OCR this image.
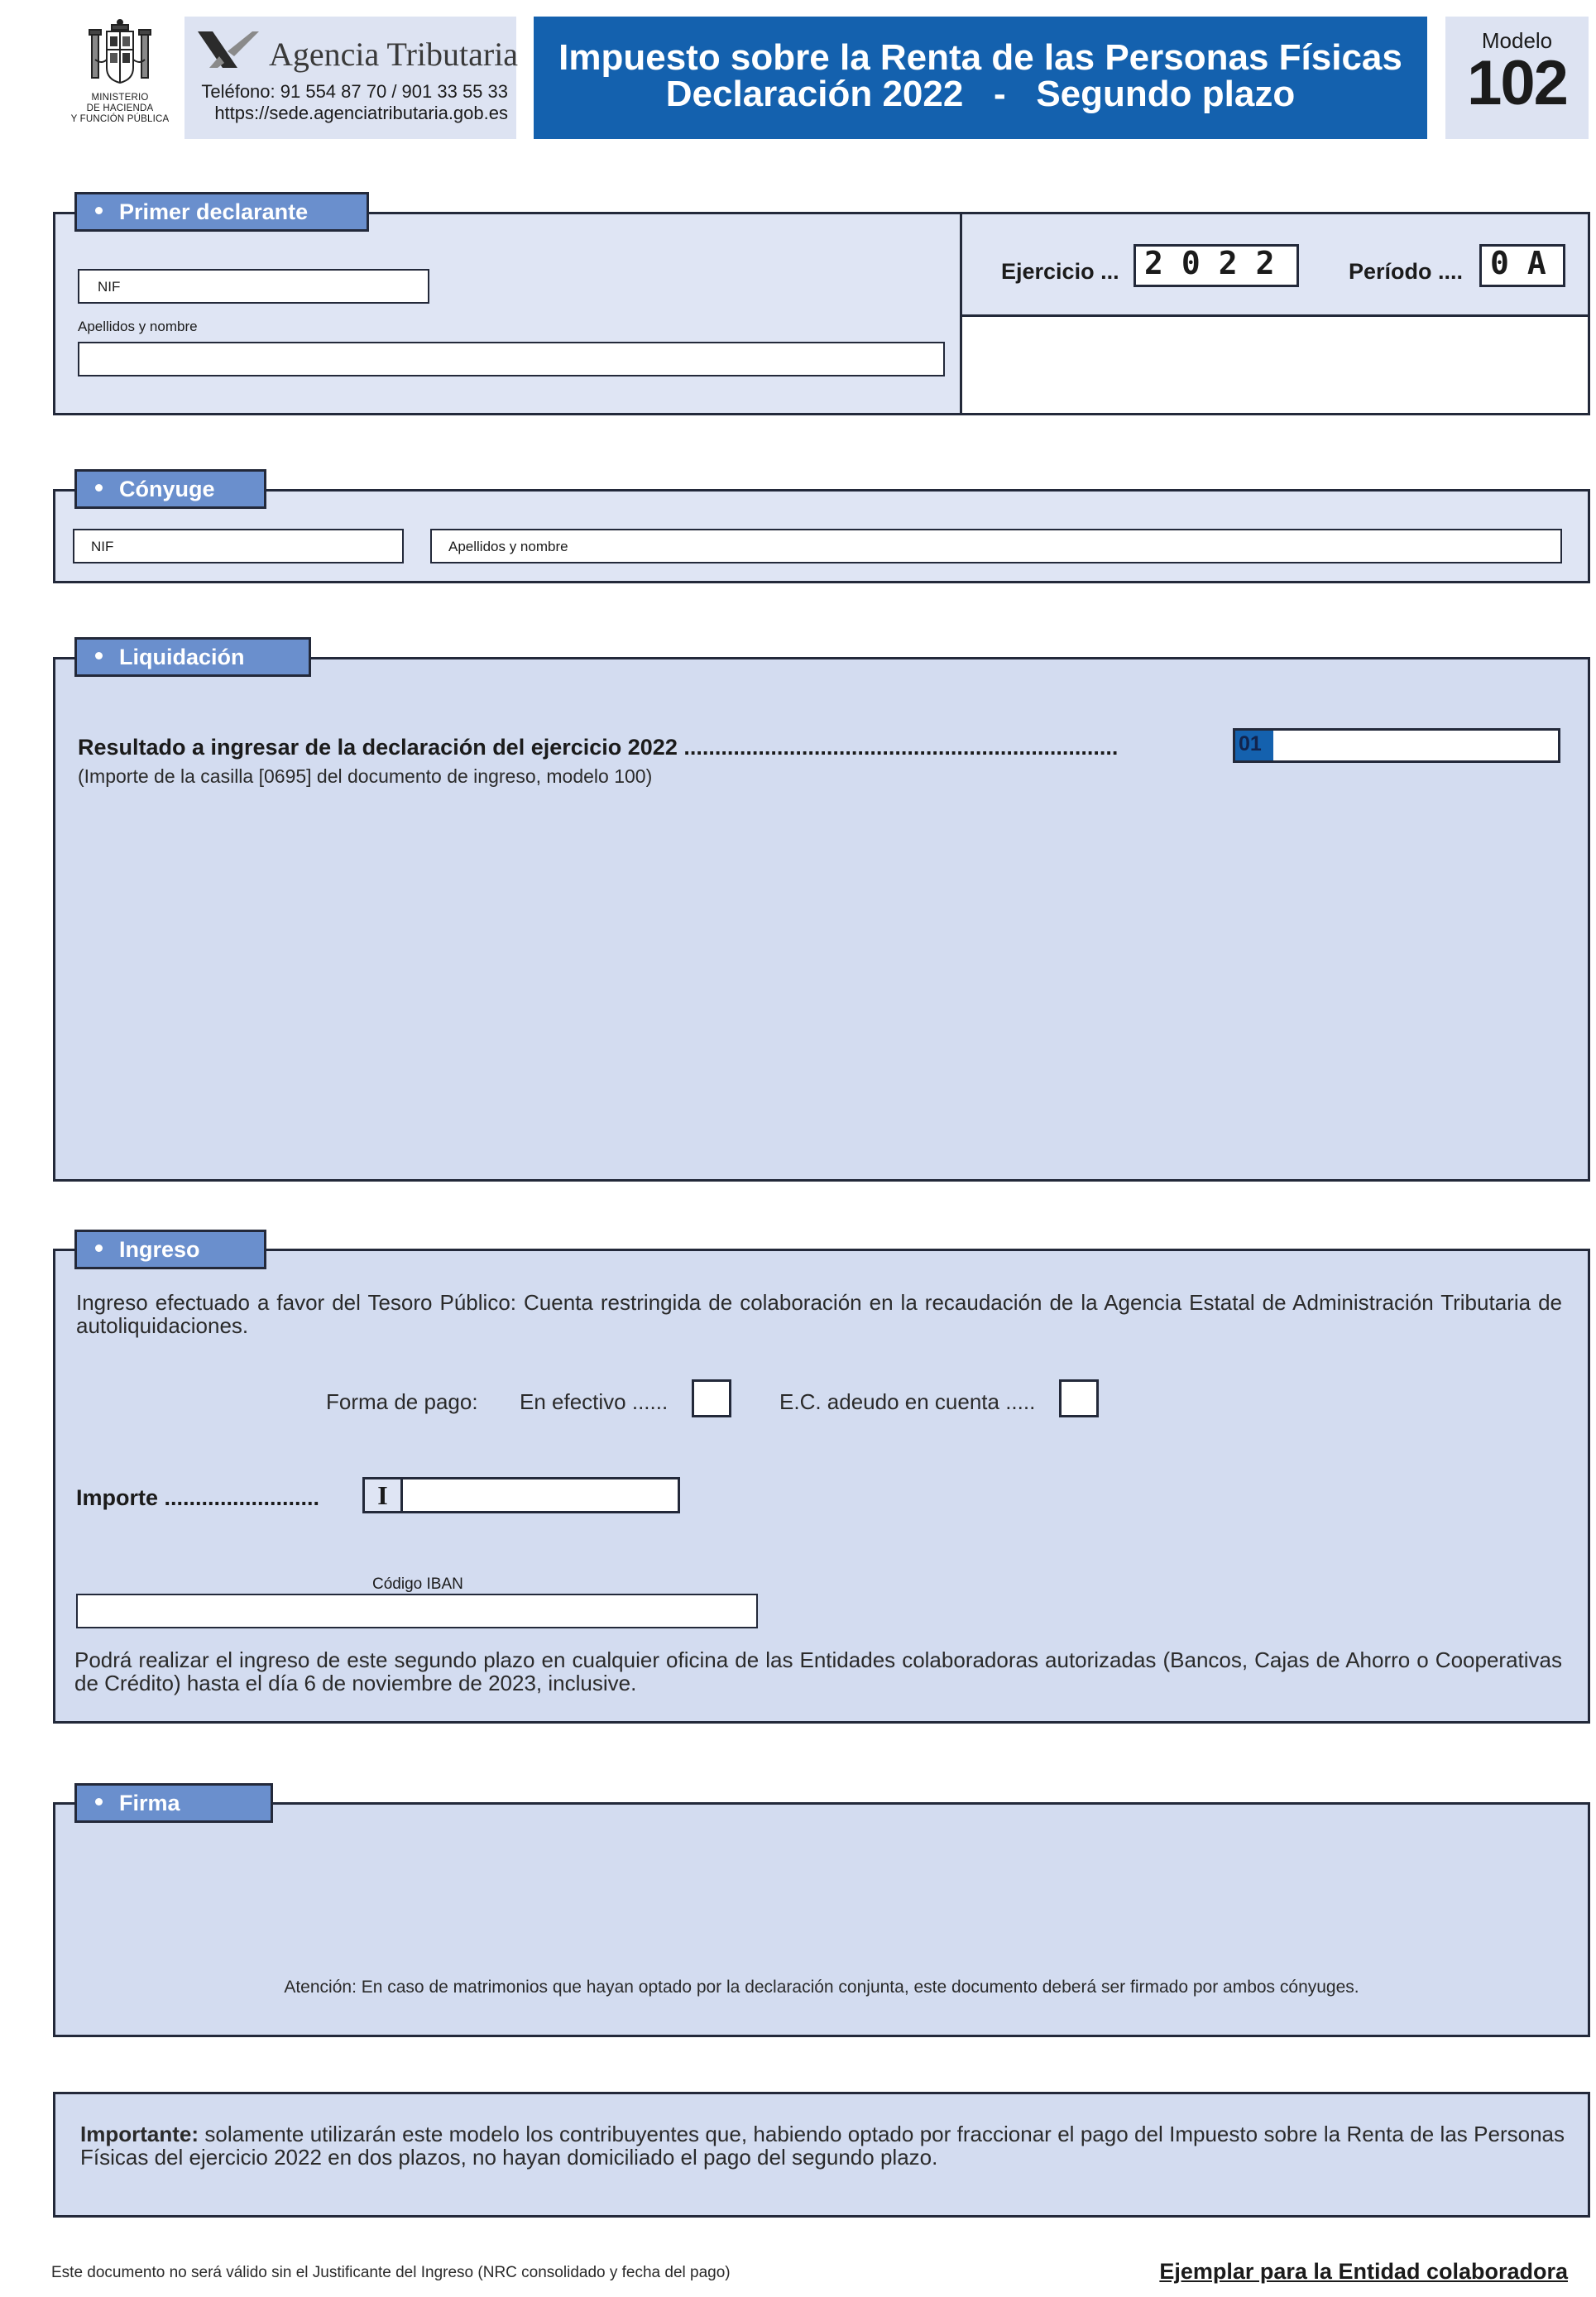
MINISTERIO
DE HACIENDA
Y FUNCIÓN PÚBLICA
Agencia Tributaria
Teléfono: 91 554 87 70 / 901 33 55 33
https://sede.agenciatributaria.gob.es
Impuesto sobre la Renta de las Personas Físicas
Declaración 2022   -   Segundo plazo
Modelo
102
Primer declarante
NIF
Apellidos y nombre
Ejercicio ... 2022 Período .... 0A
Cónyuge
NIF	Apellidos y nombre
Liquidación
Resultado a ingresar de la declaración del ejercicio 2022 ......................................................................
(Importe de la casilla [0695] del documento de ingreso, modelo 100)
01
Ingreso
Ingreso efectuado a favor del Tesoro Público: Cuenta restringida de colaboración en la recaudación de la Agencia Estatal de Administración Tributaria de autoliquidaciones.
Forma de pago: En efectivo ......	E.C. adeudo en cuenta .....
Importe .........................	I
Código IBAN
Podrá realizar el ingreso de este segundo plazo en cualquier oficina de las Entidades colaboradoras autorizadas (Bancos, Cajas de Ahorro o Cooperativas de Crédito) hasta el día 6 de noviembre de 2023, inclusive.
Firma
Atención: En caso de matrimonios que hayan optado por la declaración conjunta, este documento deberá ser firmado por ambos cónyuges.
Importante: solamente utilizarán este modelo los contribuyentes que, habiendo optado por fraccionar el pago del Impuesto sobre la Renta de las Personas Físicas del ejercicio 2022 en dos plazos, no hayan domiciliado el pago del segundo plazo.
Este documento no será válido sin el Justificante del Ingreso (NRC consolidado y fecha del pago)	Ejemplar para la Entidad colaboradora
